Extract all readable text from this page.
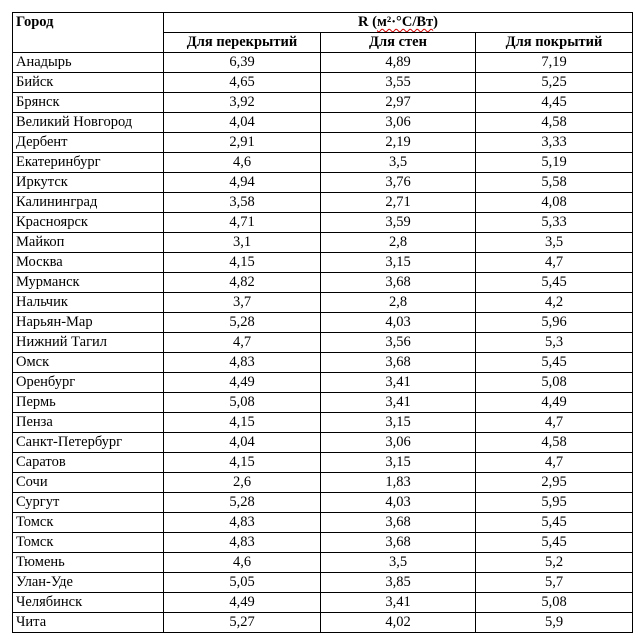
Город	R (м²·°С/Вт)		
	Для перекрытий	Для стен	Для покрытий
Анадырь	6,39	4,89	7,19
Бийск	4,65	3,55	5,25
Брянск	3,92	2,97	4,45
Великий Новгород	4,04	3,06	4,58
Дербент	2,91	2,19	3,33
Екатеринбург	4,6	3,5	5,19
Иркутск	4,94	3,76	5,58
Калининград	3,58	2,71	4,08
Красноярск	4,71	3,59	5,33
Майкоп	3,1	2,8	3,5
Москва	4,15	3,15	4,7
Мурманск	4,82	3,68	5,45
Нальчик	3,7	2,8	4,2
Нарьян-Мар	5,28	4,03	5,96
Нижний Тагил	4,7	3,56	5,3
Омск	4,83	3,68	5,45
Оренбург	4,49	3,41	5,08
Пермь	5,08	3,41	4,49
Пенза	4,15	3,15	4,7
Санкт-Петербург	4,04	3,06	4,58
Саратов	4,15	3,15	4,7
Сочи	2,6	1,83	2,95
Сургут	5,28	4,03	5,95
Томск	4,83	3,68	5,45
Томск	4,83	3,68	5,45
Тюмень	4,6	3,5	5,2
Улан-Уде	5,05	3,85	5,7
Челябинск	4,49	3,41	5,08
Чита	5,27	4,02	5,9
